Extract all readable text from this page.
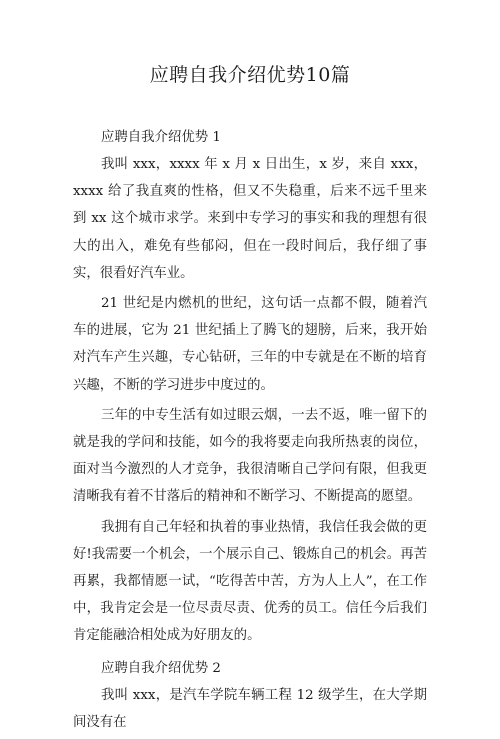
应聘自我介绍优势10篇

应聘自我介绍优势 1

我叫 xxx，xxxx 年 x 月 x 日出生，x 岁，来自 xxx，xxxx 给了我直爽的性格，但又不失稳重，后来不远千里来到 xx 这个城市求学。来到中专学习的事实和我的理想有很大的出入，难免有些郁闷，但在一段时间后，我仔细了事实，很看好汽车业。

21 世纪是内燃机的世纪，这句话一点都不假，随着汽车的进展，它为 21 世纪插上了腾飞的翅膀，后来，我开始对汽车产生兴趣，专心钻研，三年的中专就是在不断的培育兴趣，不断的学习进步中度过的。

三年的中专生活有如过眼云烟，一去不返，唯一留下的就是我的学问和技能，如今的我将要走向我所热衷的岗位，面对当今激烈的人才竞争，我很清晰自己学问有限，但我更清晰我有着不甘落后的精神和不断学习、不断提高的愿望。

我拥有自己年轻和执着的事业热情，我信任我会做的更好!我需要一个机会，一个展示自己、锻炼自己的机会。再苦再累，我都情愿一试，“吃得苦中苦，方为人上人”，在工作中，我肯定会是一位尽责尽责、优秀的员工。信任今后我们肯定能融洽相处成为好朋友的。

应聘自我介绍优势 2

我叫 xxx，是汽车学院车辆工程 12 级学生，在大学期间没有在
